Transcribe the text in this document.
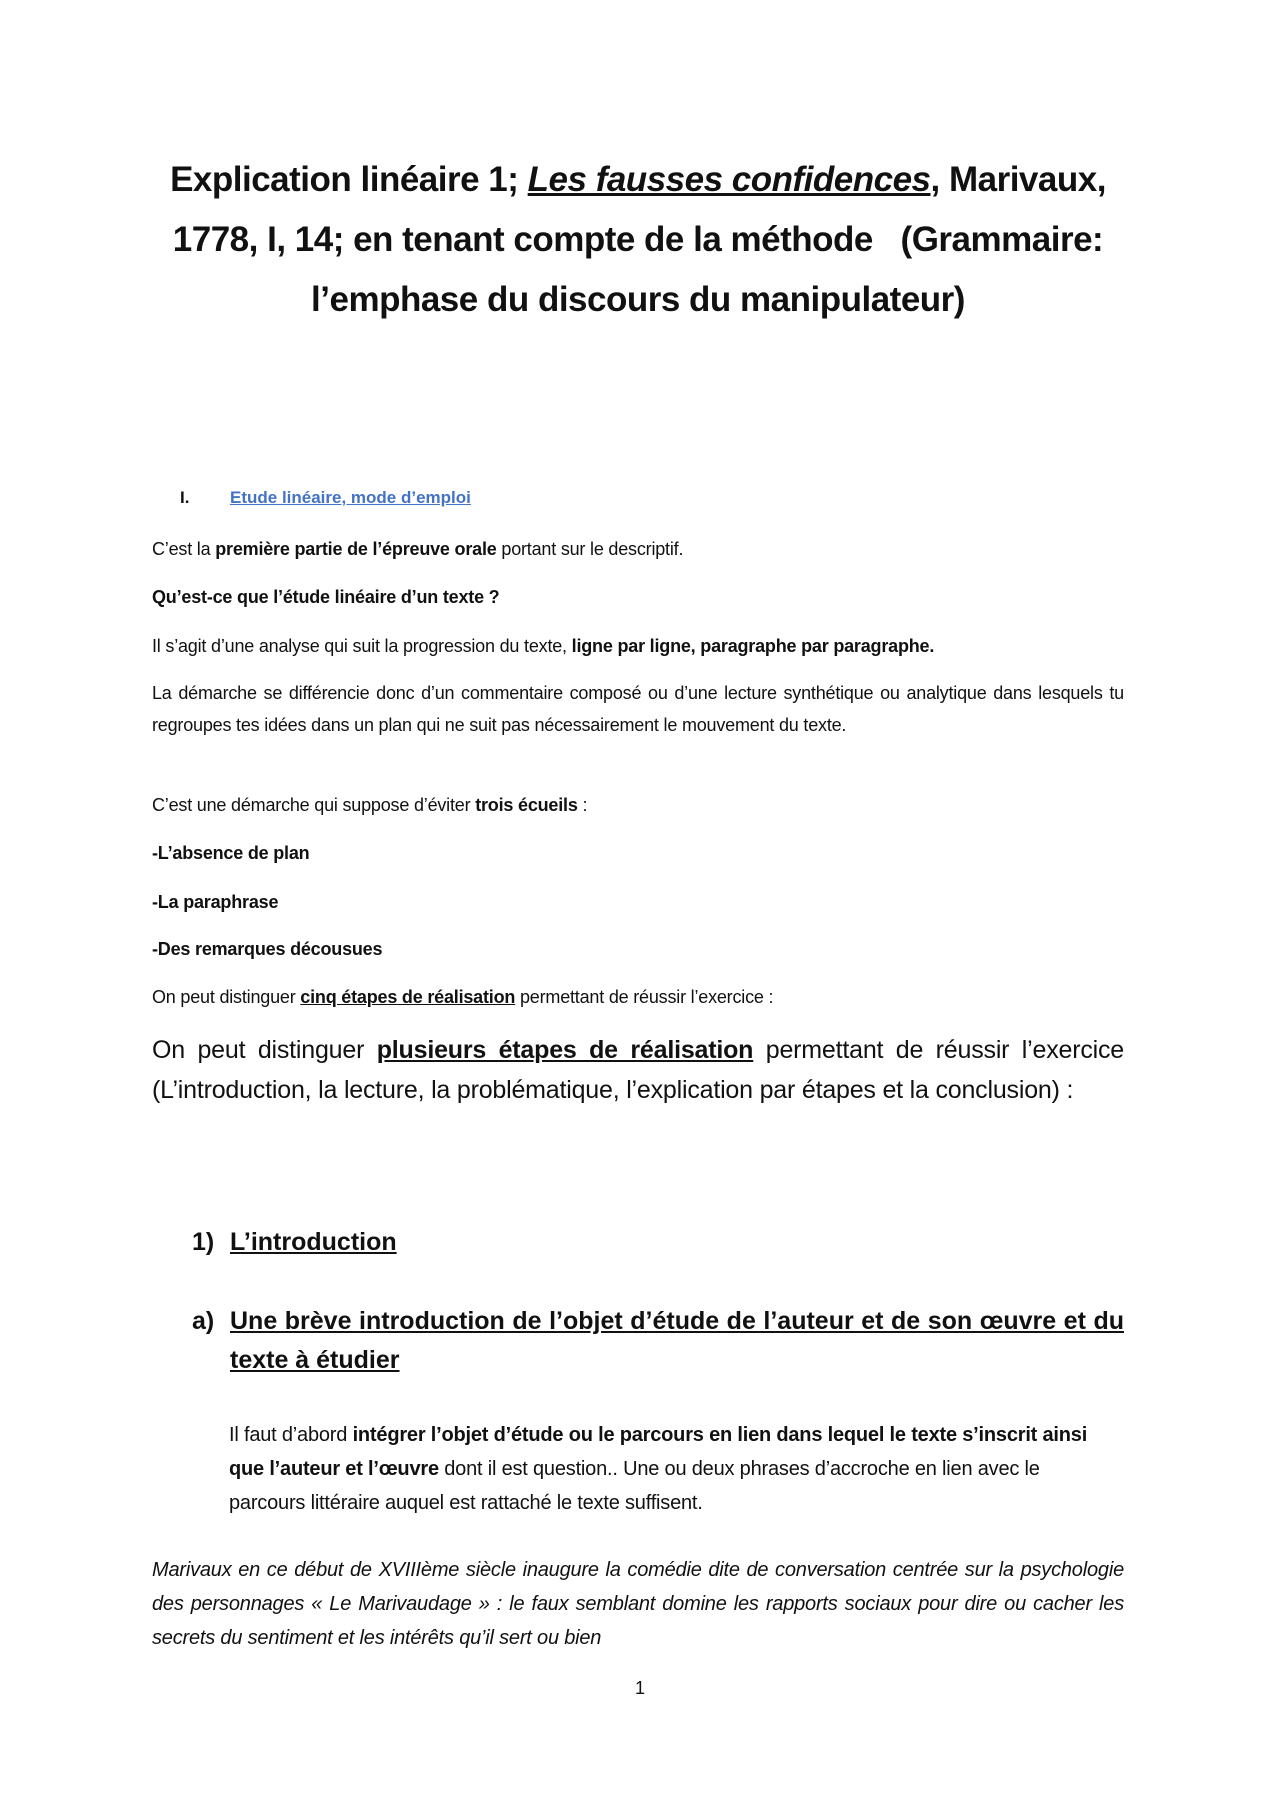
Explication linéaire 1; Les fausses confidences, Marivaux, 1778, I, 14; en tenant compte de la méthode   (Grammaire: l’emphase du discours du manipulateur)
I. Etude linéaire, mode d’emploi
C’est la première partie de l’épreuve orale portant sur le descriptif.
Qu’est-ce que l’étude linéaire d’un texte ?
Il s’agit d’une analyse qui suit la progression du texte, ligne par ligne, paragraphe par paragraphe.
La démarche se différencie donc d’un commentaire composé ou d’une lecture synthétique ou analytique dans lesquels tu regroupes tes idées dans un plan qui ne suit pas nécessairement le mouvement du texte.
C’est une démarche qui suppose d’éviter trois écueils :
-L’absence de plan
-La paraphrase
-Des remarques décousues
On peut distinguer cinq étapes de réalisation permettant de réussir l’exercice :
On peut distinguer plusieurs étapes de réalisation permettant de réussir l’exercice (L’introduction, la lecture, la problématique, l’explication par étapes et la conclusion) :
1) L’introduction
a) Une brève introduction de l’objet d’étude de l’auteur et de son œuvre et du texte à étudier
Il faut d’abord intégrer l’objet d’étude ou le parcours en lien dans lequel le texte s’inscrit ainsi que l’auteur et l’œuvre dont il est question.. Une ou deux phrases d’accroche en lien avec le parcours littéraire auquel est rattaché le texte suffisent.
Marivaux en ce début de XVIIIème siècle inaugure la comédie dite de conversation centrée sur la psychologie des personnages « Le Marivaudage » : le faux semblant domine les rapports sociaux pour dire ou cacher les secrets du sentiment et les intérêts qu’il sert ou bien
1
